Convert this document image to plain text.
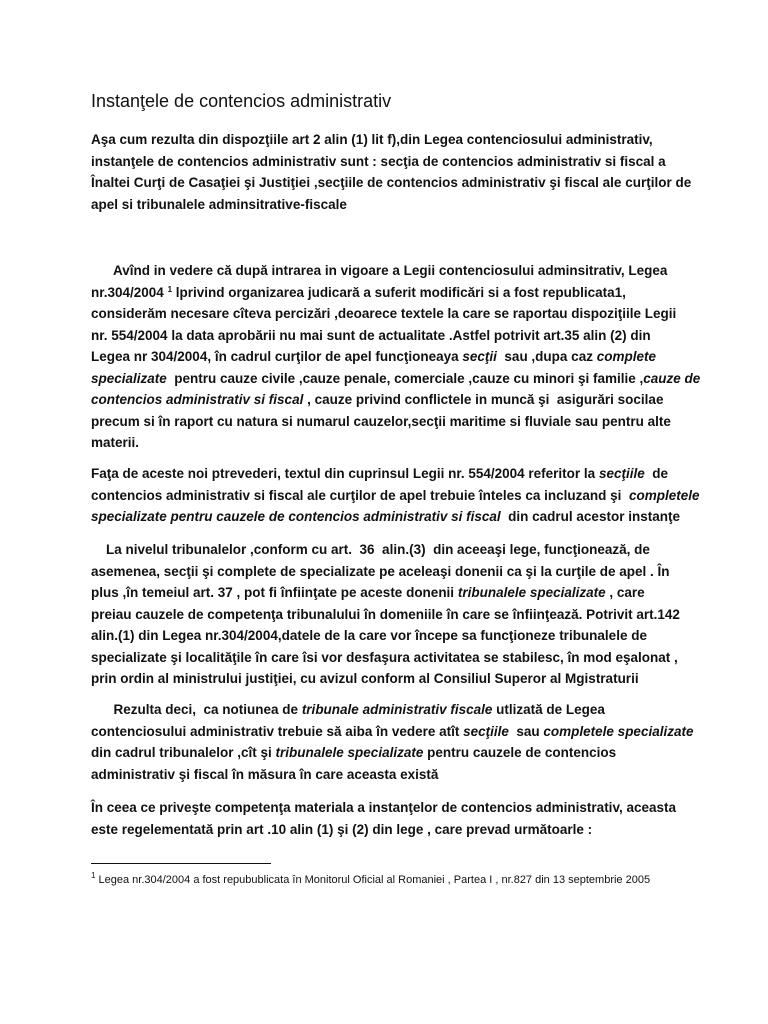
Instanţele de contencios administrativ

Aşa cum rezulta din dispozţiile art 2 alin (1) lit f),din Legea contenciosului administrativ,
instanţele de contencios administrativ sunt : secţia de contencios administrativ si fiscal a
Înaltei Curţi de Casaţiei şi Justiţiei ,secţiile de contencios administrativ şi fiscal ale curţilor de
apel si tribunalele adminsitrative-fiscale

Avînd in vedere că după intrarea in vigoare a Legii contenciosului adminsitrativ, Legea
nr.304/2004 $^1$ lprivind organizarea judicară a suferit modificări si a fost republicata1,
considerăm necesare cîteva percizări ,deoarece textele la care se raportau dispoziţiile Legii
nr. 554/2004 la data aprobării nu mai sunt de actualitate .Astfel potrivit art.35 alin (2) din
Legea nr 304/2004, în cadrul curţilor de apel funcţioneaya secţii  sau ,dupa caz complete
specializate  pentru cauze civile ,cauze penale, comerciale ,cauze cu minori şi familie ,cauze de
contencios administrativ si fiscal , cauze privind conflictele in muncă şi  asigurări socilae
precum si în raport cu natura si numarul cauzelor,secţii maritime si fluviale sau pentru alte
materii.

Faţa de aceste noi ptrevederi, textul din cuprinsul Legii nr. 554/2004 referitor la secţiile  de
contencios administrativ si fiscal ale curţilor de apel trebuie înteles ca incluzand şi  completele
specializate pentru cauzele de contencios administrativ si fiscal  din cadrul acestor instanţe

La nivelul tribunalelor ,conform cu art.  36  alin.(3)  din aceeaşi lege, funcţionează, de
asemenea, secţii şi complete de specializate pe aceleaşi donenii ca şi la curţile de apel . În
plus ,în temeiul art. 37 , pot fi înfiinţate pe aceste donenii tribunalele specializate , care
preiau cauzele de competenţa tribunalului în domeniile în care se înfiinţează. Potrivit art.142
alin.(1) din Legea nr.304/2004,datele de la care vor începe sa funcţioneze tribunalele de
specializate şi localităţile în care îsi vor desfaşura activitatea se stabilesc, în mod eşalonat ,
prin ordin al ministrului justiţiei, cu avizul conform al Consiliul Superor al Mgistraturii

Rezulta deci,  ca notiunea de tribunale administrativ fiscale utlizată de Legea
contenciosului administrativ trebuie să aiba în vedere atît secţiile  sau completele specializate
din cadrul tribunalelor ,cît şi tribunalele specializate pentru cauzele de contencios
administrativ şi fiscal în măsura în care aceasta există

În ceea ce priveşte competenţa materiala a instanţelor de contencios administrativ, aceasta
este regelementată prin art .10 alin (1) şi (2) din lege , care prevad următoarle :

$^1$ Legea nr.304/2004 a fost repubublicata în Monitorul Oficial al Romaniei , Partea I , nr.827 din 13 septembrie 2005
